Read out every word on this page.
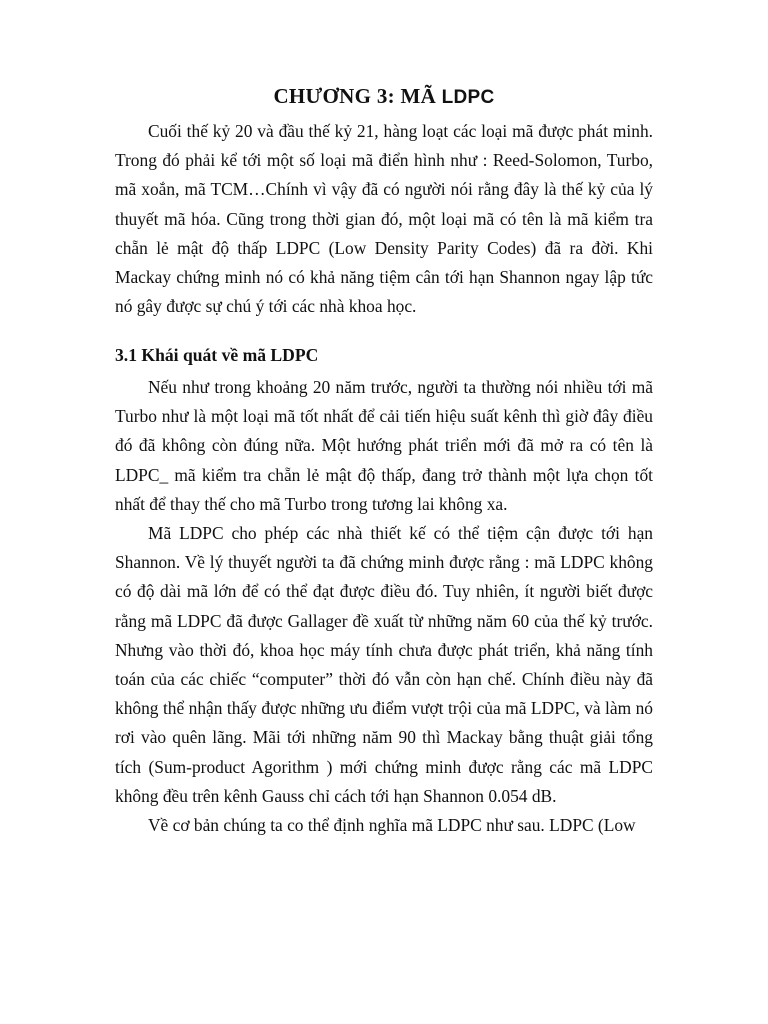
CHƯƠNG 3: MÃ LDPC

Cuối thế kỷ 20 và đầu thế kỷ 21, hàng loạt các loại mã được phát minh. Trong đó phải kể tới một số loại mã điển hình như : Reed-Solomon, Turbo, mã xoắn, mã TCM…Chính vì vậy đã có người nói rằng đây là thế kỷ của lý thuyết mã hóa. Cũng trong thời gian đó, một loại mã có tên là mã kiểm tra chẵn lẻ mật độ thấp LDPC (Low Density Parity Codes) đã ra đời. Khi Mackay chứng minh nó có khả năng tiệm cân tới hạn Shannon ngay lập tức nó gây được sự chú ý tới các nhà khoa học.

3.1 Khái quát về mã LDPC

Nếu như trong khoảng 20 năm trước, người ta thường nói nhiều tới mã Turbo như là một loại mã tốt nhất để cải tiến hiệu suất kênh thì giờ đây điều đó đã không còn đúng nữa. Một hướng phát triển mới đã mở ra có tên là LDPC_ mã kiểm tra chẵn lẻ mật độ thấp, đang trở thành một lựa chọn tốt nhất để thay thế cho mã Turbo trong tương lai không xa.

Mã LDPC cho phép các nhà thiết kế có thể tiệm cận được tới hạn Shannon. Về lý thuyết người ta đã chứng minh được rằng : mã LDPC không có độ dài mã lớn để có thể đạt được điều đó. Tuy nhiên, ít người biết được rằng mã LDPC đã được Gallager đề xuất từ những năm 60 của thế kỷ trước. Nhưng vào thời đó, khoa học máy tính chưa được phát triển, khả năng tính toán của các chiếc “computer” thời đó vẫn còn hạn chế. Chính điều này đã không thể nhận thấy được những ưu điểm vượt trội của mã LDPC, và làm nó rơi vào quên lãng. Mãi tới những năm 90 thì Mackay bằng thuật giải tổng tích (Sum-product Agorithm ) mới chứng minh được rằng các mã LDPC không đều trên kênh Gauss chỉ cách tới hạn Shannon 0.054 dB.

Về cơ bản chúng ta co thể định nghĩa mã LDPC như sau. LDPC (Low
